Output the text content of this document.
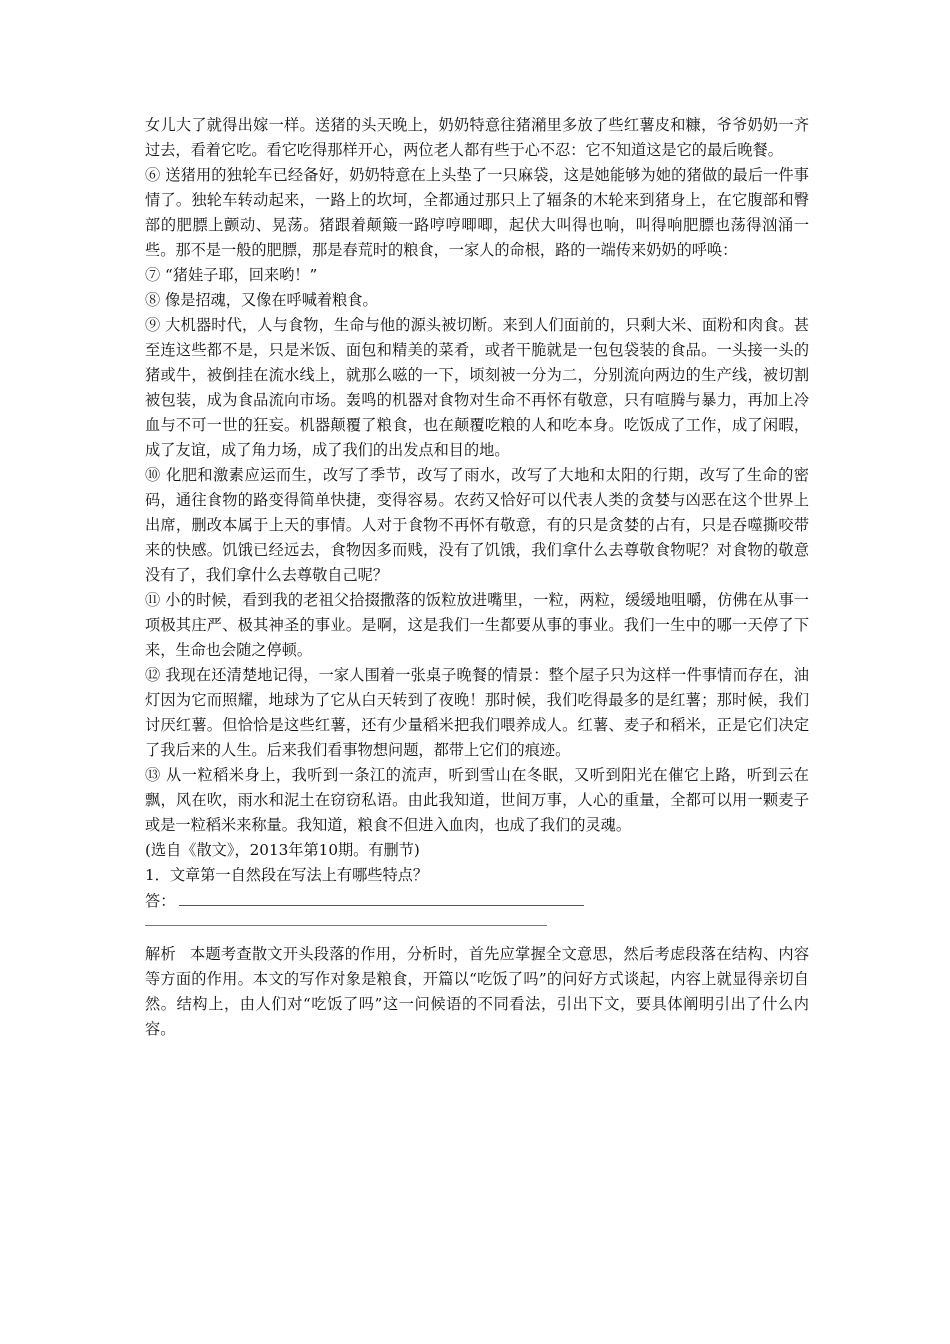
女儿大了就得出嫁一样。送猪的头天晚上，奶奶特意往猪潲里多放了些红薯皮和糠，爷爷奶奶一齐过去，看着它吃。看它吃得那样开心，两位老人都有些于心不忍：它不知道这是它的最后晚餐。

⑥ 送猪用的独轮车已经备好，奶奶特意在上头垫了一只麻袋，这是她能够为她的猪做的最后一件事情了。独轮车转动起来，一路上的坎坷，全都通过那只上了辐条的木轮来到猪身上，在它腹部和臀部的肥膘上颤动、晃荡。猪跟着颠簸一路哼哼唧唧，起伏大叫得也响，叫得响肥膘也荡得汹涌一些。那不是一般的肥膘，那是春荒时的粮食，一家人的命根，路的一端传来奶奶的呼唤：

⑦ “猪娃子耶，回来哟！”

⑧ 像是招魂，又像在呼喊着粮食。

⑨ 大机器时代，人与食物，生命与他的源头被切断。来到人们面前的，只剩大米、面粉和肉食。甚至连这些都不是，只是米饭、面包和精美的菜肴，或者干脆就是一包包袋装的食品。一头接一头的猪或牛，被倒挂在流水线上，就那么嗞的一下，顷刻被一分为二，分别流向两边的生产线，被切割被包装，成为食品流向市场。轰鸣的机器对食物对生命不再怀有敬意，只有喧腾与暴力，再加上冷血与不可一世的狂妄。机器颠覆了粮食，也在颠覆吃粮的人和吃本身。吃饭成了工作，成了闲暇，成了友谊，成了角力场，成了我们的出发点和目的地。

⑩ 化肥和激素应运而生，改写了季节，改写了雨水，改写了大地和太阳的行期，改写了生命的密码，通往食物的路变得简单快捷，变得容易。农药又恰好可以代表人类的贪婪与凶恶在这个世界上出席，删改本属于上天的事情。人对于食物不再怀有敬意，有的只是贪婪的占有，只是吞噬撕咬带来的快感。饥饿已经远去，食物因多而贱，没有了饥饿，我们拿什么去尊敬食物呢？对食物的敬意没有了，我们拿什么去尊敬自己呢？

⑪ 小的时候，看到我的老祖父拾掇撒落的饭粒放进嘴里，一粒，两粒，缓缓地咀嚼，仿佛在从事一项极其庄严、极其神圣的事业。是啊，这是我们一生都要从事的事业。我们一生中的哪一天停了下来，生命也会随之停顿。

⑫ 我现在还清楚地记得，一家人围着一张桌子晚餐的情景：整个屋子只为这样一件事情而存在，油灯因为它而照耀，地球为了它从白天转到了夜晚！那时候，我们吃得最多的是红薯；那时候，我们讨厌红薯。但恰恰是这些红薯，还有少量稻米把我们喂养成人。红薯、麦子和稻米，正是它们决定了我后来的人生。后来我们看事物想问题，都带上它们的痕迹。

⑬ 从一粒稻米身上，我听到一条江的流声，听到雪山在冬眠，又听到阳光在催它上路，听到云在飘，风在吹，雨水和泥土在窃窃私语。由此我知道，世间万事，人心的重量，全都可以用一颗麦子或是一粒稻米来称量。我知道，粮食不但进入血肉，也成了我们的灵魂。

(选自《散文》，2013年第10期。有删节)

1．文章第一自然段在写法上有哪些特点？

答：

解析 本题考查散文开头段落的作用，分析时，首先应掌握全文意思，然后考虑段落在结构、内容等方面的作用。本文的写作对象是粮食，开篇以“吃饭了吗”的问好方式谈起，内容上就显得亲切自然。结构上，由人们对“吃饭了吗”这一问候语的不同看法，引出下文，要具体阐明引出了什么内容。
